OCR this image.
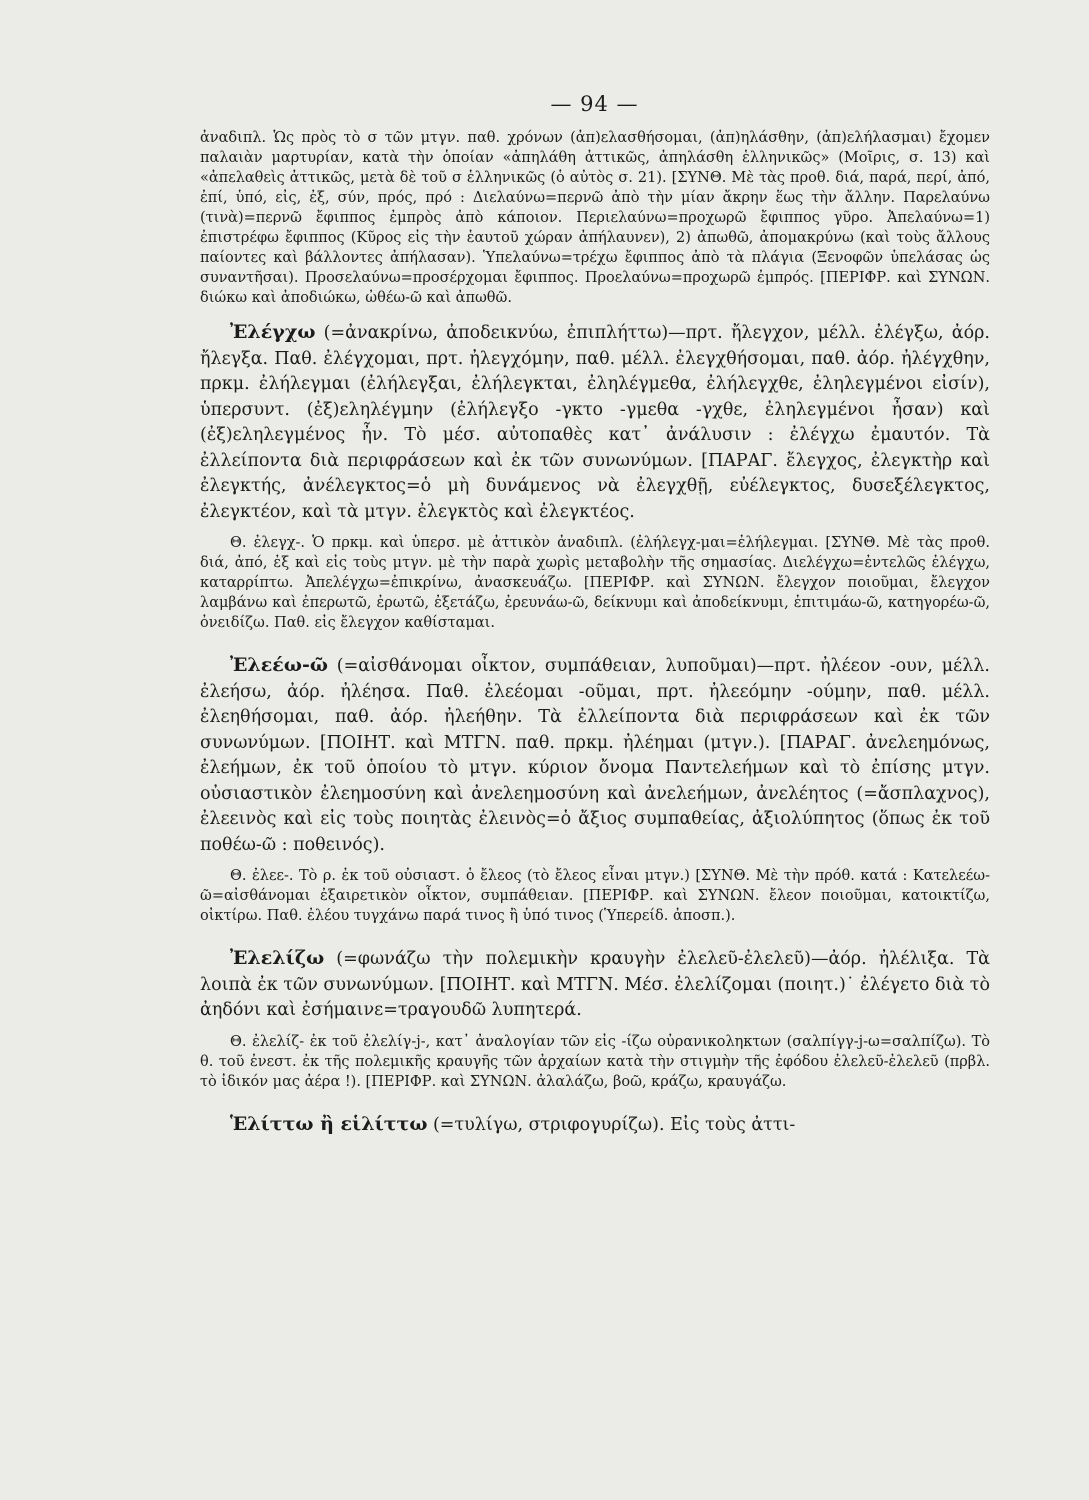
— 94 —

ἀναδιπλ. Ὡς πρὸς τὸ σ τῶν μτγν. παθ. χρόνων (ἀπ)ελασθήσομαι, (ἀπ)ηλάσθην, (ἀπ)ελήλασμαι) ἔχομεν παλαιὰν μαρτυρίαν, κατὰ τὴν ὁποίαν «ἀπηλάθη ἀττικῶς, ἀπηλάσθη ἑλληνικῶς» (Μοῖρις, σ. 13) καὶ «ἀπελαθεὶς ἀττικῶς, μετὰ δὲ τοῦ σ ἑλληνικῶς (ὁ αὐτὸς σ. 21). [ΣΥΝΘ. Μὲ τὰς προθ. διά, παρά, περί, ἀπό, ἐπί, ὑπό, εἰς, ἐξ, σύν, πρός, πρό : Διελαύνω=περνῶ ἀπὸ τὴν μίαν ἄκρην ἕως τὴν ἄλλην. Παρελαύνω (τινὰ)=περνῶ ἔφιππος ἐμπρὸς ἀπὸ κάποιον. Περιελαύνω=προχωρῶ ἔφιππος γῦρο. Ἀπελαύνω=1) ἐπιστρέφω ἔφιππος (Κῦρος εἰς τὴν ἑαυτοῦ χώραν ἀπήλαυνεν), 2) ἀπωθῶ, ἀπομακρύνω (καὶ τοὺς ἄλλους παίοντες καὶ βάλλοντες ἀπήλασαν). Ὑπελαύνω=τρέχω ἔφιππος ἀπὸ τὰ πλάγια (Ξενοφῶν ὑπελάσας ὡς συναντῆσαι). Προσελαύνω=προσέρχομαι ἔφιππος. Προελαύνω=προχωρῶ ἐμπρός. [ΠΕΡΙΦΡ. καὶ ΣΥΝΩΝ. διώκω καὶ ἀποδιώκω, ὠθέω-ῶ καὶ ἀπωθῶ.

Ἐλέγχω (=ἀνακρίνω, ἀποδεικνύω, ἐπιπλήττω)—πρτ. ἤλεγχον, μέλλ. ἐλέγξω, ἀόρ. ἤλεγξα. Παθ. ἐλέγχομαι, πρτ. ἠλεγχόμην, παθ. μέλλ. ἐλεγχθήσομαι, παθ. ἀόρ. ἠλέγχθην, πρκμ. ἐλήλεγμαι (ἐλήλεγξαι, ἐλήλεγκται, ἐληλέγμεθα, ἐλήλεγχθε, ἐληλεγμένοι εἰσίν), ὑπερσυντ. (ἐξ)εληλέγμην (ἐλήλεγξο -γκτο -γμεθα -γχθε, ἐληλεγμένοι ἦσαν) καὶ (ἐξ)εληλεγμένος ἦν. Τὸ μέσ. αὐτοπαθὲς κατ᾽ ἀνάλυσιν : ἐλέγχω ἐμαυτόν. Τὰ ἐλλείποντα διὰ περιφράσεων καὶ ἐκ τῶν συνωνύμων. [ΠΑΡΑΓ. ἔλεγχος, ἐλεγκτὴρ καὶ ἐλεγκτής, ἀνέλεγκτος=ὁ μὴ δυνάμενος νὰ ἐλεγχθῇ, εὐέλεγκτος, δυσεξέλεγκτος, ἐλεγκτέον, καὶ τὰ μτγν. ἐλεγκτὸς καὶ ἐλεγκτέος.

Θ. ἐλεγχ-. Ὁ πρκμ. καὶ ὑπερσ. μὲ ἀττικὸν ἀναδιπλ. (ἐλήλεγχ-μαι=ἐλήλεγμαι. [ΣΥΝΘ. Μὲ τὰς προθ. διά, ἀπό, ἐξ καὶ εἰς τοὺς μτγν. μὲ τὴν παρὰ χωρὶς μεταβολὴν τῆς σημασίας. Διελέγχω=ἐντελῶς ἐλέγχω, καταρρίπτω. Ἀπελέγχω=ἐπικρίνω, ἀνασκευάζω. [ΠΕΡΙΦΡ. καὶ ΣΥΝΩΝ. ἔλεγχον ποιοῦμαι, ἔλεγχον λαμβάνω καὶ ἐπερωτῶ, ἐρωτῶ, ἐξετάζω, ἐρευνάω-ῶ, δείκνυμι καὶ ἀποδείκνυμι, ἐπιτιμάω-ῶ, κατηγορέω-ῶ, ὀνειδίζω. Παθ. εἰς ἔλεγχον καθίσταμαι.

Ἐλεέω-ῶ (=αἰσθάνομαι οἶκτον, συμπάθειαν, λυποῦμαι)—πρτ. ἠλέεον -ουν, μέλλ. ἐλεήσω, ἀόρ. ἠλέησα. Παθ. ἐλεέομαι -οῦμαι, πρτ. ἠλεεόμην -ούμην, παθ. μέλλ. ἐλεηθήσομαι, παθ. ἀόρ. ἠλεήθην. Τὰ ἐλλείποντα διὰ περιφράσεων καὶ ἐκ τῶν συνωνύμων. [ΠΟΙΗΤ. καὶ ΜΤΓΝ. παθ. πρκμ. ἠλέημαι (μτγν.). [ΠΑΡΑΓ. ἀνελεημόνως, ἐλεήμων, ἐκ τοῦ ὁποίου τὸ μτγν. κύριον ὄνομα Παντελεήμων καὶ τὸ ἐπίσης μτγν. οὐσιαστικὸν ἐλεημοσύνη καὶ ἀνελεημοσύνη καὶ ἀνελεήμων, ἀνελέητος (=ἄσπλαχνος), ἐλεεινὸς καὶ εἰς τοὺς ποιητὰς ἐλεινὸς=ὁ ἄξιος συμπαθείας, ἀξιολύπητος (ὅπως ἐκ τοῦ ποθέω-ῶ : ποθεινός).

Θ. ἐλεε-. Τὸ ρ. ἐκ τοῦ οὐσιαστ. ὁ ἔλεος (τὸ ἔλεος εἶναι μτγν.) [ΣΥΝΘ. Μὲ τὴν πρόθ. κατά : Κατελεέω-ῶ=αἰσθάνομαι ἐξαιρετικὸν οἶκτον, συμπάθειαν. [ΠΕΡΙΦΡ. καὶ ΣΥΝΩΝ. ἔλεον ποιοῦμαι, κατοικτίζω, οἰκτίρω. Παθ. ἐλέου τυγχάνω παρά τινος ἢ ὑπό τινος (Ὑπερείδ. ἀποσπ.).

Ἐλελίζω (=φωνάζω τὴν πολεμικὴν κραυγὴν ἐλελεῦ-ἐλελεῦ)—ἀόρ. ἠλέλιξα. Τὰ λοιπὰ ἐκ τῶν συνωνύμων. [ΠΟΙΗΤ. καὶ ΜΤΓΝ. Μέσ. ἐλελίζομαι (ποιητ.)˙ ἐλέγετο διὰ τὸ ἀηδόνι καὶ ἐσήμαινε=τραγουδῶ λυπητερά.

Θ. ἐλελίζ- ἐκ τοῦ ἐλελίγ-j-, κατ᾽ ἀναλογίαν τῶν εἰς -ίζω οὐρανικοληκτων (σαλπίγγ-j-ω=σαλπίζω). Τὸ θ. τοῦ ἐνεστ. ἐκ τῆς πολεμικῆς κραυγῆς τῶν ἀρχαίων κατὰ τὴν στιγμὴν τῆς ἐφόδου ἐλελεῦ-ἐλελεῦ (πρβλ. τὸ ἰδικόν μας ἀέρα !). [ΠΕΡΙΦΡ. καὶ ΣΥΝΩΝ. ἀλαλάζω, βοῶ, κράζω, κραυγάζω.

Ἑλίττω ἢ εἱλίττω (=τυλίγω, στριφογυρίζω). Εἰς τοὺς ἀττι-
